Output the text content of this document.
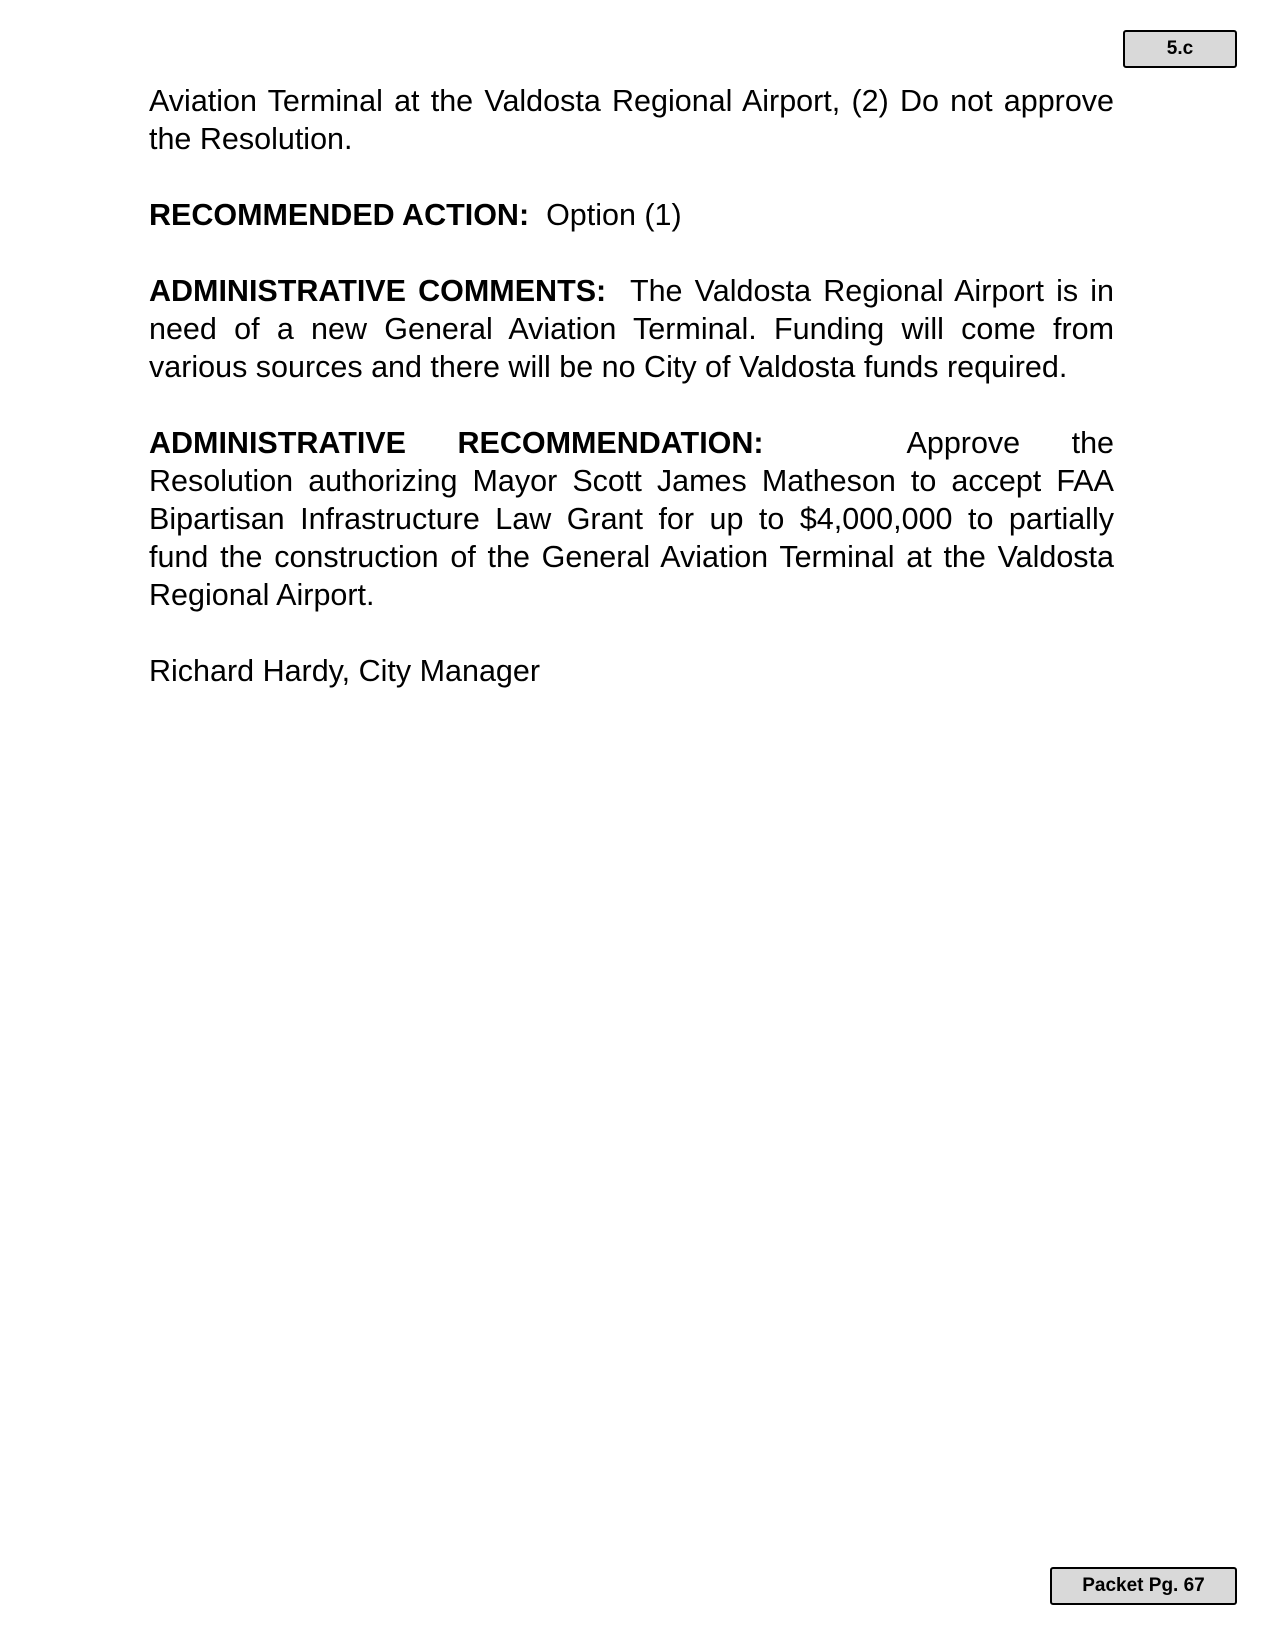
5.c

Aviation Terminal at the Valdosta Regional Airport, (2) Do not approve the Resolution.

RECOMMENDED ACTION: Option (1)

ADMINISTRATIVE COMMENTS: The Valdosta Regional Airport is in need of a new General Aviation Terminal. Funding will come from various sources and there will be no City of Valdosta funds required.

ADMINISTRATIVE RECOMMENDATION:	Approve the
Resolution authorizing Mayor Scott James Matheson to accept FAA Bipartisan Infrastructure Law Grant for up to $4,000,000 to partially fund the construction of the General Aviation Terminal at the Valdosta Regional Airport.

Richard Hardy, City Manager

Packet Pg. 67
